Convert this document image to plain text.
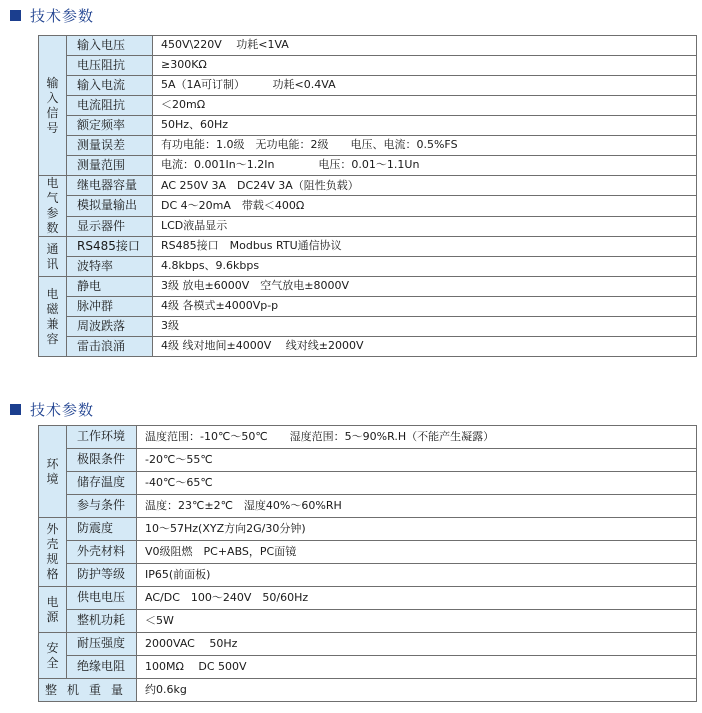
技术参数
输入信号	输入电压	450V\220V　 功耗<1VA
	电压阻抗	≥300KΩ
	输入电流	5A（1A可订制）　　　功耗<0.4VA
	电流阻抗	＜20mΩ
	额定频率	50Hz、60Hz
	测量误差	有功电能：1.0级　无功电能：2级　　电压、电流：0.5%FS
	测量范围	电流：0.001In～1.2In　　　　电压：0.01～1.1Un
电气参数	继电器容量	AC 250V 3A　DC24V 3A（阻性负载）
	模拟量输出	DC 4～20mA　带载＜400Ω
	显示器件	LCD液晶显示
通讯	RS485接口	RS485接口　Modbus RTU通信协议
	波特率	4.8kbps、9.6kbps
电磁兼容	静电	3级 放电±6000V　空气放电±8000V
	脉冲群	4级 各模式±4000Vp-p
	周波跌落	3级
	雷击浪涌	4级 线对地间±4000V　 线对线±2000V
技术参数
环境	工作环境	温度范围：-10℃～50℃　　湿度范围：5～90%R.H（不能产生凝露）
	极限条件	-20℃～55℃
	储存温度	-40℃～65℃
	参与条件	温度：23℃±2℃　湿度40%～60%RH
外壳规格	防震度	10～57Hz(XYZ方向2G/30分钟)
	外壳材料	V0级阻燃　PC+ABS，PC面镜
	防护等级	IP65(前面板)
电源	供电电压	AC/DC　100～240V　50/60Hz
	整机功耗	＜5W
安全	耐压强度	2000VAC　 50Hz
	绝缘电阻	100MΩ　 DC 500V
整机重量		约0.6kg
